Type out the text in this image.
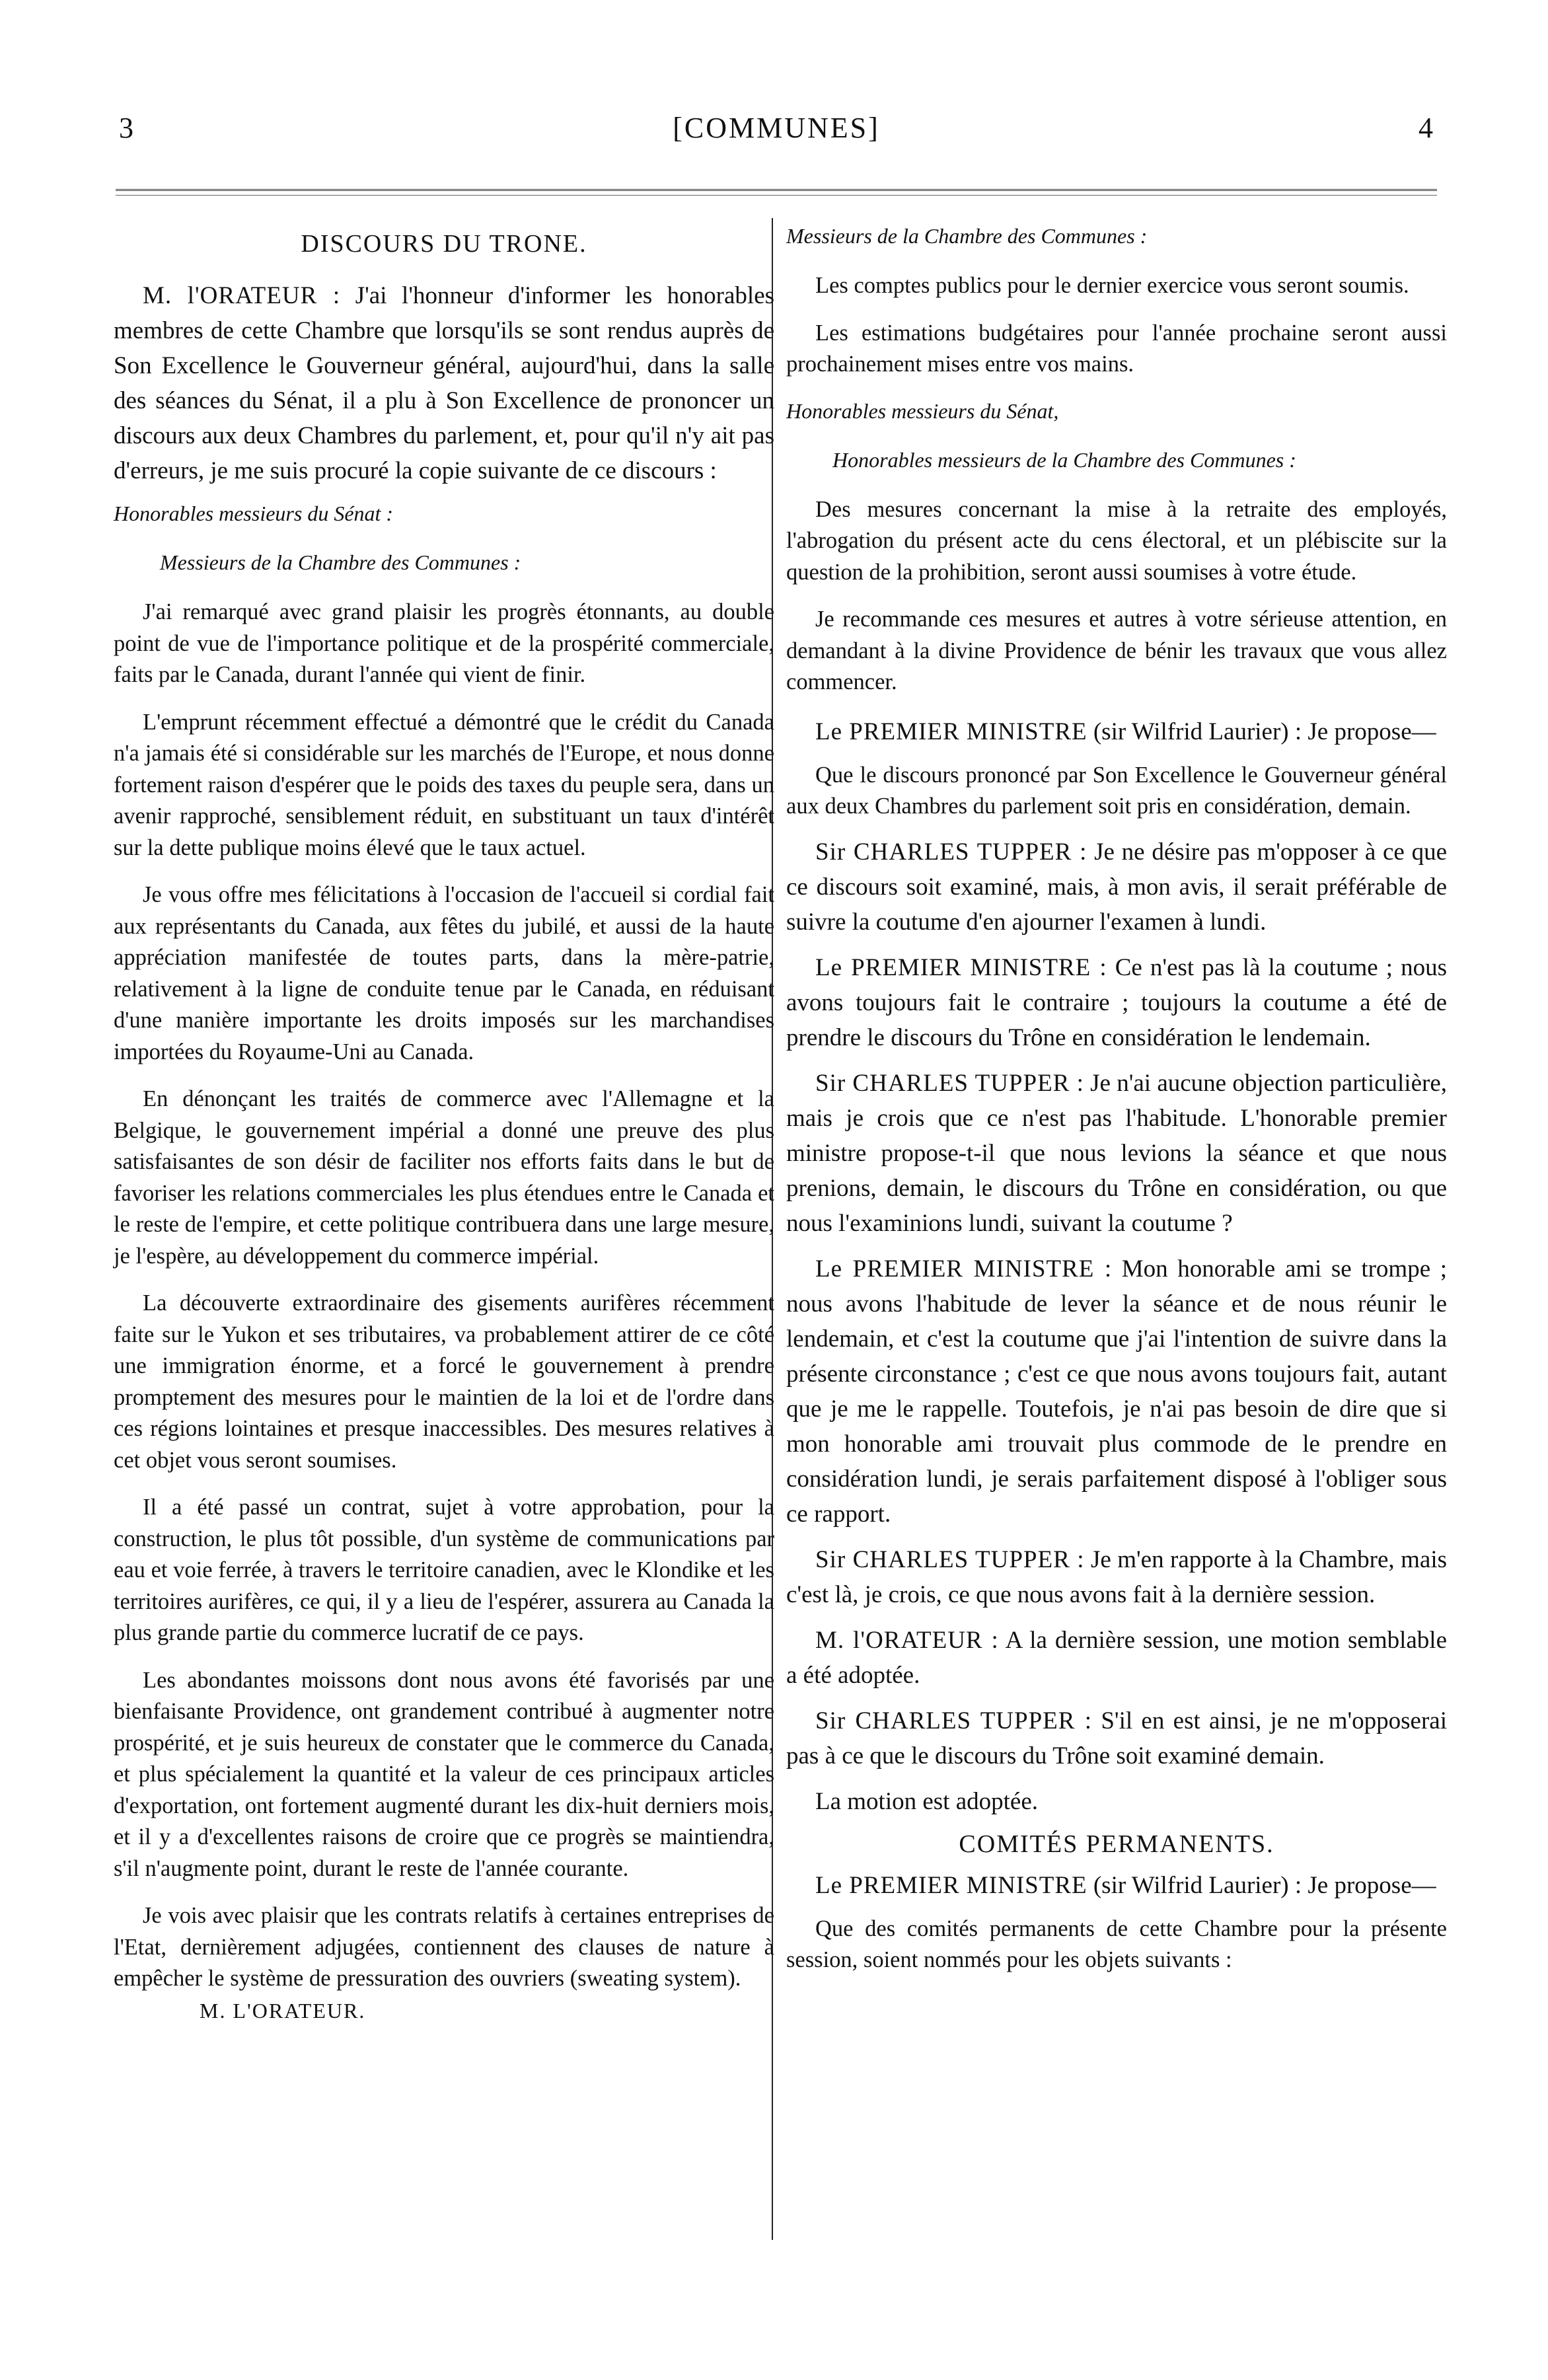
3	[COMMUNES]	4
DISCOURS DU TRONE.

M. l'ORATEUR : J'ai l'honneur d'informer les honorables membres de cette Chambre que lorsqu'ils se sont rendus auprès de Son Excellence le Gouverneur général, aujourd'hui, dans la salle des séances du Sénat, il a plu à Son Excellence de prononcer un discours aux deux Chambres du parlement, et, pour qu'il n'y ait pas d'erreurs, je me suis procuré la copie suivante de ce discours :

Honorables messieurs du Sénat :
Messieurs de la Chambre des Communes :

J'ai remarqué avec grand plaisir les progrès étonnants, au double point de vue de l'importance politique et de la prospérité commerciale, faits par le Canada, durant l'année qui vient de finir.

L'emprunt récemment effectué a démontré que le crédit du Canada n'a jamais été si considérable sur les marchés de l'Europe, et nous donne fortement raison d'espérer que le poids des taxes du peuple sera, dans un avenir rapproché, sensiblement réduit, en substituant un taux d'intérêt sur la dette publique moins élevé que le taux actuel.

Je vous offre mes félicitations à l'occasion de l'accueil si cordial fait aux représentants du Canada, aux fêtes du jubilé, et aussi de la haute appréciation manifestée de toutes parts, dans la mère-patrie, relativement à la ligne de conduite tenue par le Canada, en réduisant d'une manière importante les droits imposés sur les marchandises importées du Royaume-Uni au Canada.

En dénonçant les traités de commerce avec l'Allemagne et la Belgique, le gouvernement impérial a donné une preuve des plus satisfaisantes de son désir de faciliter nos efforts faits dans le but de favoriser les relations commerciales les plus étendues entre le Canada et le reste de l'empire, et cette politique contribuera dans une large mesure, je l'espère, au développement du commerce impérial.

La découverte extraordinaire des gisements aurifères récemment faite sur le Yukon et ses tributaires, va probablement attirer de ce côté une immigration énorme, et a forcé le gouvernement à prendre promptement des mesures pour le maintien de la loi et de l'ordre dans ces régions lointaines et presque inaccessibles. Des mesures relatives à cet objet vous seront soumises.

Il a été passé un contrat, sujet à votre approbation, pour la construction, le plus tôt possible, d'un système de communications par eau et voie ferrée, à travers le territoire canadien, avec le Klondike et les territoires aurifères, ce qui, il y a lieu de l'espérer, assurera au Canada la plus grande partie du commerce lucratif de ce pays.

Les abondantes moissons dont nous avons été favorisés par une bienfaisante Providence, ont grandement contribué à augmenter notre prospérité, et je suis heureux de constater que le commerce du Canada, et plus spécialement la quantité et la valeur de ces principaux articles d'exportation, ont fortement augmenté durant les dix-huit derniers mois, et il y a d'excellentes raisons de croire que ce progrès se maintiendra, s'il n'augmente point, durant le reste de l'année courante.

Je vois avec plaisir que les contrats relatifs à certaines entreprises de l'Etat, dernièrement adjugées, contiennent des clauses de nature à empêcher le système de pressuration des ouvriers (sweating system).

M. L'ORATEUR.
Messieurs de la Chambre des Communes :

Les comptes publics pour le dernier exercice vous seront soumis.

Les estimations budgétaires pour l'année prochaine seront aussi prochainement mises entre vos mains.

Honorables messieurs du Sénat,
Honorables messieurs de la Chambre des Communes :

Des mesures concernant la mise à la retraite des employés, l'abrogation du présent acte du cens électoral, et un plébiscite sur la question de la prohibition, seront aussi soumises à votre étude.

Je recommande ces mesures et autres à votre sérieuse attention, en demandant à la divine Providence de bénir les travaux que vous allez commencer.

Le PREMIER MINISTRE (sir Wilfrid Laurier) : Je propose—

Que le discours prononcé par Son Excellence le Gouverneur général aux deux Chambres du parlement soit pris en considération, demain.

Sir CHARLES TUPPER : Je ne désire pas m'opposer à ce que ce discours soit examiné, mais, à mon avis, il serait préférable de suivre la coutume d'en ajourner l'examen à lundi.

Le PREMIER MINISTRE : Ce n'est pas là la coutume ; nous avons toujours fait le contraire ; toujours la coutume a été de prendre le discours du Trône en considération le lendemain.

Sir CHARLES TUPPER : Je n'ai aucune objection particulière, mais je crois que ce n'est pas l'habitude. L'honorable premier ministre propose-t-il que nous levions la séance et que nous prenions, demain, le discours du Trône en considération, ou que nous l'examinions lundi, suivant la coutume ?

Le PREMIER MINISTRE : Mon honorable ami se trompe ; nous avons l'habitude de lever la séance et de nous réunir le lendemain, et c'est la coutume que j'ai l'intention de suivre dans la présente circonstance ; c'est ce que nous avons toujours fait, autant que je me le rappelle. Toutefois, je n'ai pas besoin de dire que si mon honorable ami trouvait plus commode de le prendre en considération lundi, je serais parfaitement disposé à l'obliger sous ce rapport.

Sir CHARLES TUPPER : Je m'en rapporte à la Chambre, mais c'est là, je crois, ce que nous avons fait à la dernière session.

M. l'ORATEUR : A la dernière session, une motion semblable a été adoptée.

Sir CHARLES TUPPER : S'il en est ainsi, je ne m'opposerai pas à ce que le discours du Trône soit examiné demain.

La motion est adoptée.

COMITÉS PERMANENTS.

Le PREMIER MINISTRE (sir Wilfrid Laurier) : Je propose—

Que des comités permanents de cette Chambre pour la présente session, soient nommés pour les objets suivants :
